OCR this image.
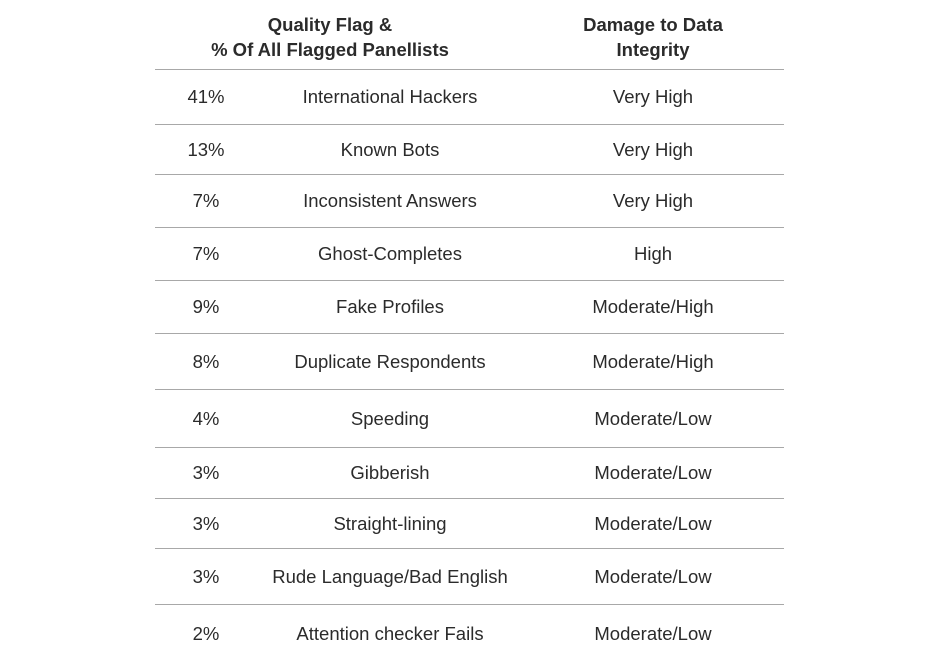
Quality Flag &
% Of All Flagged Panellists
Damage to Data
Integrity
41%	International Hackers	Very High
13%	Known Bots	Very High
7%	Inconsistent Answers	Very High
7%	Ghost-Completes	High
9%	Fake Profiles	Moderate/High
8%	Duplicate Respondents	Moderate/High
4%	Speeding	Moderate/Low
3%	Gibberish	Moderate/Low
3%	Straight-lining	Moderate/Low
3%	Rude Language/Bad English	Moderate/Low
2%	Attention checker Fails	Moderate/Low
